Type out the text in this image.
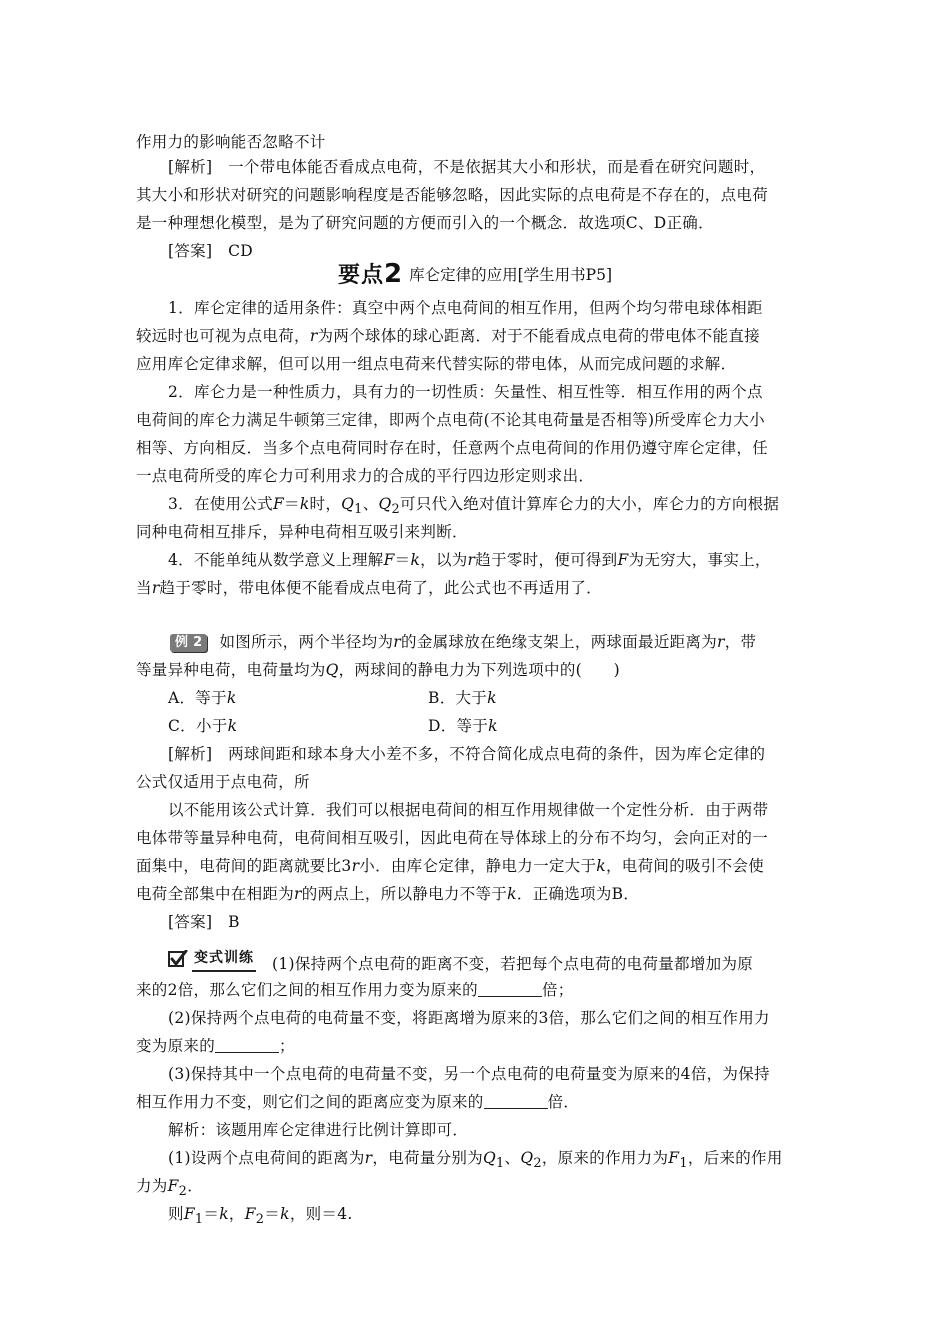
作用力的影响能否忽略不计
[解析]　一个带电体能否看成点电荷，不是依据其大小和形状，而是看在研究问题时，
其大小和形状对研究的问题影响程度是否能够忽略，因此实际的点电荷是不存在的，点电荷
是一种理想化模型，是为了研究问题的方便而引入的一个概念．故选项C、D正确．
[答案]　CD
要点2 库仑定律的应用[学生用书P5]
1．库仑定律的适用条件：真空中两个点电荷间的相互作用，但两个均匀带电球体相距
较远时也可视为点电荷，r为两个球体的球心距离．对于不能看成点电荷的带电体不能直接
应用库仑定律求解，但可以用一组点电荷来代替实际的带电体，从而完成问题的求解．
2．库仑力是一种性质力，具有力的一切性质：矢量性、相互性等．相互作用的两个点
电荷间的库仑力满足牛顿第三定律，即两个点电荷(不论其电荷量是否相等)所受库仑力大小
相等、方向相反．当多个点电荷同时存在时，任意两个点电荷间的作用仍遵守库仑定律，任
一点电荷所受的库仑力可利用求力的合成的平行四边形定则求出．
3．在使用公式F＝k时，$Q_1$、$Q_2$可只代入绝对值计算库仑力的大小，库仑力的方向根据
同种电荷相互排斥，异种电荷相互吸引来判断．
4．不能单纯从数学意义上理解F＝k，以为r趋于零时，便可得到F为无穷大，事实上，
当r趋于零时，带电体便不能看成点电荷了，此公式也不再适用了．
例 2 如图所示，两个半径均为r的金属球放在绝缘支架上，两球面最近距离为r，带
等量异种电荷，电荷量均为Q，两球间的静电力为下列选项中的(　　)
A．等于k	B．大于k
C．小于k	D．等于k
[解析]　两球间距和球本身大小差不多，不符合简化成点电荷的条件，因为库仑定律的
公式仅适用于点电荷，所
以不能用该公式计算．我们可以根据电荷间的相互作用规律做一个定性分析．由于两带
电体带等量异种电荷，电荷间相互吸引，因此电荷在导体球上的分布不均匀，会向正对的一
面集中，电荷间的距离就要比3r小．由库仑定律，静电力一定大于k，电荷间的吸引不会使
电荷全部集中在相距为r的两点上，所以静电力不等于k．正确选项为B．
[答案]　B
变式训练 (1)保持两个点电荷的距离不变，若把每个点电荷的电荷量都增加为原
来的2倍，那么它们之间的相互作用力变为原来的	倍；
(2)保持两个点电荷的电荷量不变，将距离增为原来的3倍，那么它们之间的相互作用力
变为原来的	；
(3)保持其中一个点电荷的电荷量不变，另一个点电荷的电荷量变为原来的4倍，为保持
相互作用力不变，则它们之间的距离应变为原来的	倍．
解析：该题用库仑定律进行比例计算即可．
(1)设两个点电荷间的距离为r，电荷量分别为$Q_1$、$Q_2$，原来的作用力为$F_1$，后来的作用
力为$F_2$．
则$F_1=k$，$F_2=k$，则＝4.
